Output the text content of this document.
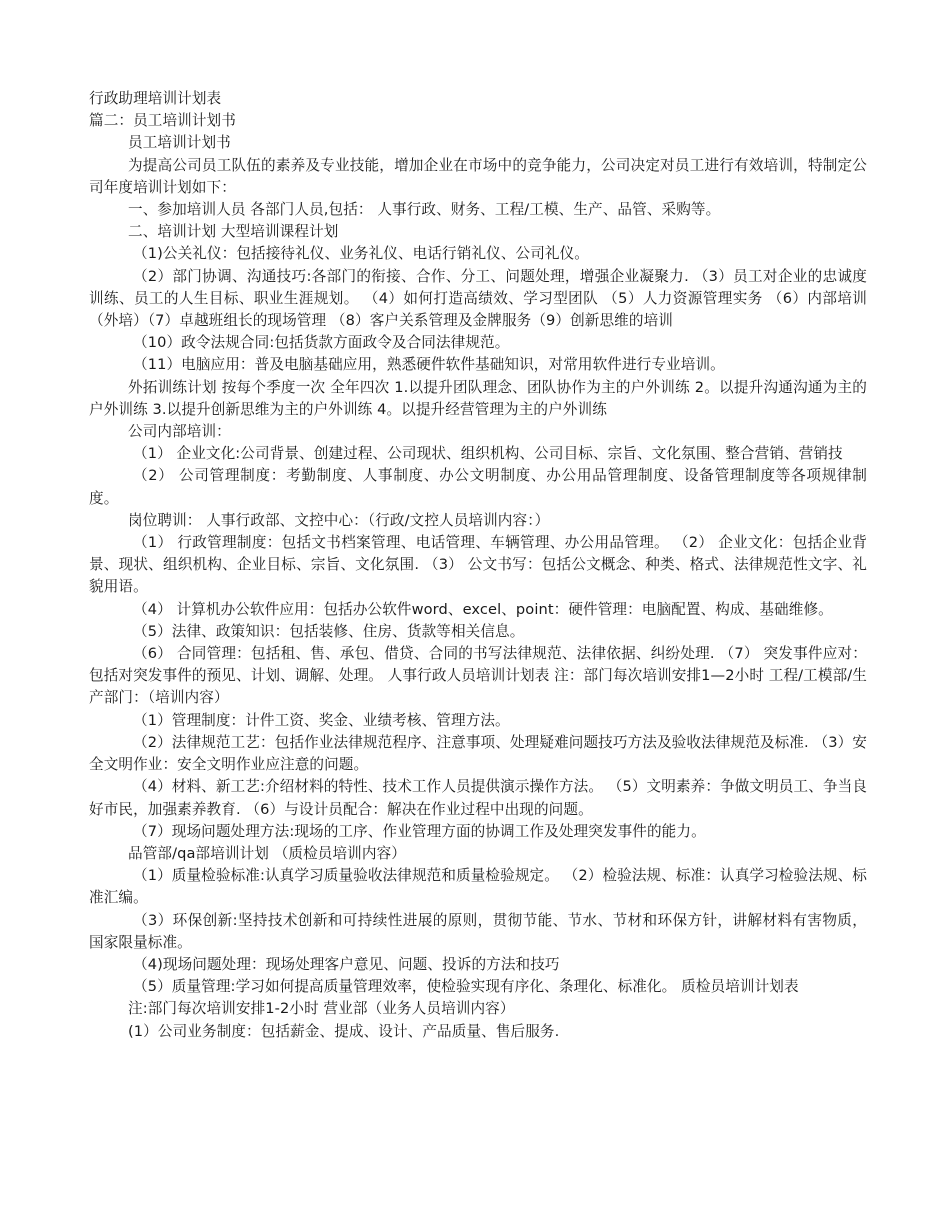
行政助理培训计划表
篇二：员工培训计划书
员工培训计划书
为提高公司员工队伍的素养及专业技能，增加企业在市场中的竞争能力，公司决定对员工进行有效培训，特制定公司年度培训计划如下：
一、参加培训人员 各部门人员,包括： 人事行政、财务、工程/工模、生产、品管、采购等。
二、培训计划 大型培训课程计划
（1)公关礼仪：包括接待礼仪、业务礼仪、电话行销礼仪、公司礼仪。
（2）部门协调、沟通技巧:各部门的衔接、合作、分工、问题处理，增强企业凝聚力. （3）员工对企业的忠诚度训练、员工的人生目标、职业生涯规划。 （4）如何打造高绩效、学习型团队 （5）人力资源管理实务 （6）内部培训（外培）（7）卓越班组长的现场管理 （8）客户关系管理及金牌服务（9）创新思维的培训
（10）政令法规合同:包括货款方面政令及合同法律规范。
（11）电脑应用：普及电脑基础应用，熟悉硬件软件基础知识，对常用软件进行专业培训。
外拓训练计划 按每个季度一次 全年四次 1.以提升团队理念、团队协作为主的户外训练 2。以提升沟通沟通为主的户外训练 3.以提升创新思维为主的户外训练 4。以提升经营管理为主的户外训练
公司内部培训：
（1） 企业文化:公司背景、创建过程、公司现状、组织机构、公司目标、宗旨、文化氛围、整合营销、营销技
（2） 公司管理制度：考勤制度、人事制度、办公文明制度、办公用品管理制度、设备管理制度等各项规律制度。
岗位聘训： 人事行政部、文控中心：（行政/文控人员培训内容：）
（1） 行政管理制度：包括文书档案管理、电话管理、车辆管理、办公用品管理。 （2） 企业文化：包括企业背景、现状、组织机构、企业目标、宗旨、文化氛围. （3） 公文书写：包括公文概念、种类、格式、法律规范性文字、礼貌用语。
（4） 计算机办公软件应用：包括办公软件word、excel、point：硬件管理：电脑配置、构成、基础维修。
（5）法律、政策知识：包括装修、住房、货款等相关信息。
（6） 合同管理：包括租、售、承包、借贷、合同的书写法律规范、法律依据、纠纷处理. （7） 突发事件应对：包括对突发事件的预见、计划、调解、处理。 人事行政人员培训计划表 注：部门每次培训安排1—2小时 工程/工模部/生产部门：（培训内容）
（1）管理制度：计件工资、奖金、业绩考核、管理方法。
（2）法律规范工艺：包括作业法律规范程序、注意事项、处理疑难问题技巧方法及验收法律规范及标准. （3）安全文明作业：安全文明作业应注意的问题。
（4）材料、新工艺:介绍材料的特性、技术工作人员提供演示操作方法。 （5）文明素养：争做文明员工、争当良好市民，加强素养教育. （6）与设计员配合：解决在作业过程中出现的问题。
（7）现场问题处理方法:现场的工序、作业管理方面的协调工作及处理突发事件的能力。
品管部/qa部培训计划 （质检员培训内容）
（1）质量检验标准:认真学习质量验收法律规范和质量检验规定。 （2）检验法规、标准：认真学习检验法规、标准汇编。
（3）环保创新:坚持技术创新和可持续性进展的原则，贯彻节能、节水、节材和环保方针，讲解材料有害物质，国家限量标准。
（4)现场问题处理：现场处理客户意见、问题、投诉的方法和技巧
（5）质量管理:学习如何提高质量管理效率，使检验实现有序化、条理化、标准化。 质检员培训计划表
注:部门每次培训安排1-2小时 营业部（业务人员培训内容）
(1）公司业务制度：包括薪金、提成、设计、产品质量、售后服务.
